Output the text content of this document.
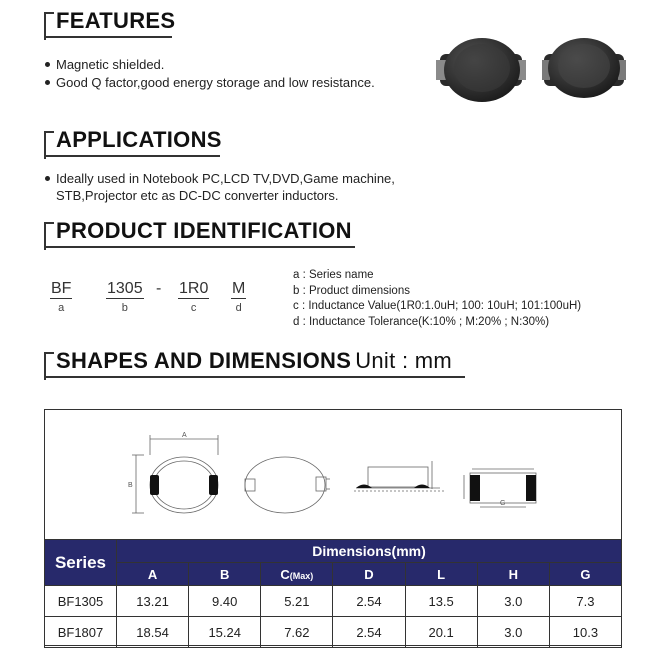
FEATURES
Magnetic shielded.
Good Q factor,good energy storage and low resistance.
APPLICATIONS
Ideally used in Notebook PC,LCD TV,DVD,Game machine,
STB,Projector etc as DC-DC converter inductors.
PRODUCT IDENTIFICATION
BF
a
1305
b
- 1R0
c
M
d
a : Series name
b : Product dimensions
c : Inductance Value(1R0:1.0uH; 100: 10uH; 101:100uH)
d : Inductance Tolerance(K:10% ; M:20% ; N:30%)
SHAPES AND DIMENSIONS Unit : mm
A
B
G
Series	Dimensions(mm)						
	A	B	C(Max)	D	L	H	G
BF1305	13.21	9.40	5.21	2.54	13.5	3.0	7.3
BF1807	18.54	15.24	7.62	2.54	20.1	3.0	10.3
